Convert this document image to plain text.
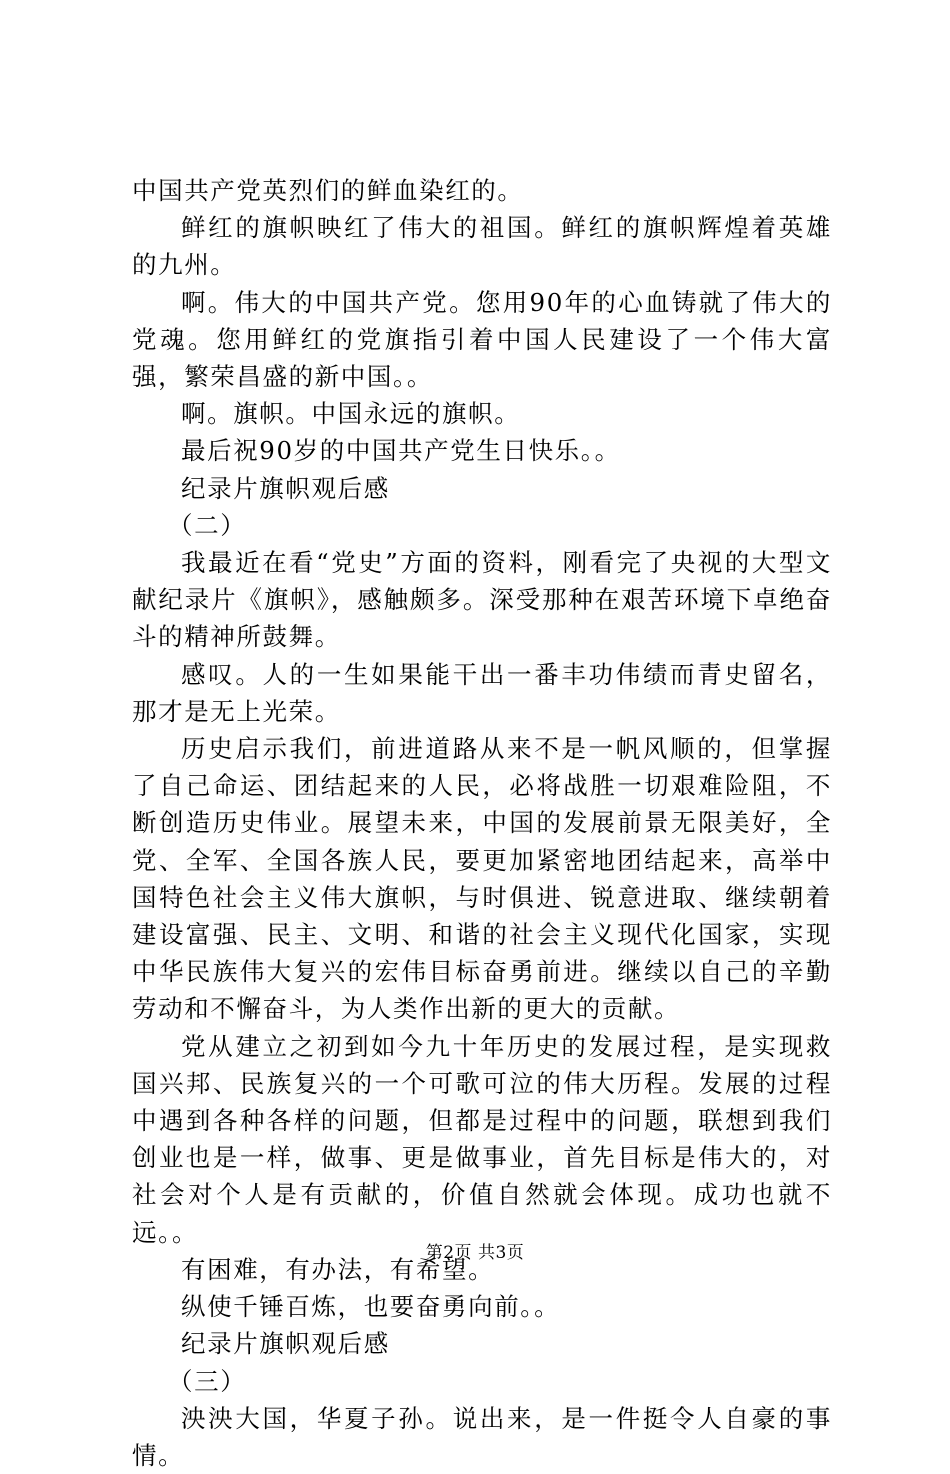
中国共产党英烈们的鲜血染红的。

鲜红的旗帜映红了伟大的祖国。鲜红的旗帜辉煌着英雄的九州。

啊。伟大的中国共产党。您用90年的心血铸就了伟大的党魂。您用鲜红的党旗指引着中国人民建设了一个伟大富强，繁荣昌盛的新中国。。

啊。旗帜。中国永远的旗帜。

最后祝90岁的中国共产党生日快乐。。

纪录片旗帜观后感

（二）

我最近在看“党史”方面的资料，刚看完了央视的大型文献纪录片《旗帜》，感触颇多。深受那种在艰苦环境下卓绝奋斗的精神所鼓舞。

感叹。人的一生如果能干出一番丰功伟绩而青史留名，那才是无上光荣。

历史启示我们，前进道路从来不是一帆风顺的，但掌握了自己命运、团结起来的人民，必将战胜一切艰难险阻，不断创造历史伟业。展望未来，中国的发展前景无限美好，全党、全军、全国各族人民，要更加紧密地团结起来，高举中国特色社会主义伟大旗帜，与时俱进、锐意进取、继续朝着建设富强、民主、文明、和谐的社会主义现代化国家，实现中华民族伟大复兴的宏伟目标奋勇前进。继续以自己的辛勤劳动和不懈奋斗，为人类作出新的更大的贡献。

党从建立之初到如今九十年历史的发展过程，是实现救国兴邦、民族复兴的一个可歌可泣的伟大历程。发展的过程中遇到各种各样的问题，但都是过程中的问题，联想到我们创业也是一样，做事、更是做事业，首先目标是伟大的，对社会对个人是有贡献的，价值自然就会体现。成功也就不远。。

有困难，有办法，有希望。

纵使千锤百炼，也要奋勇向前。。

纪录片旗帜观后感

（三）

泱泱大国，华夏子孙。说出来，是一件挺令人自豪的事情。

第2页 共3页
